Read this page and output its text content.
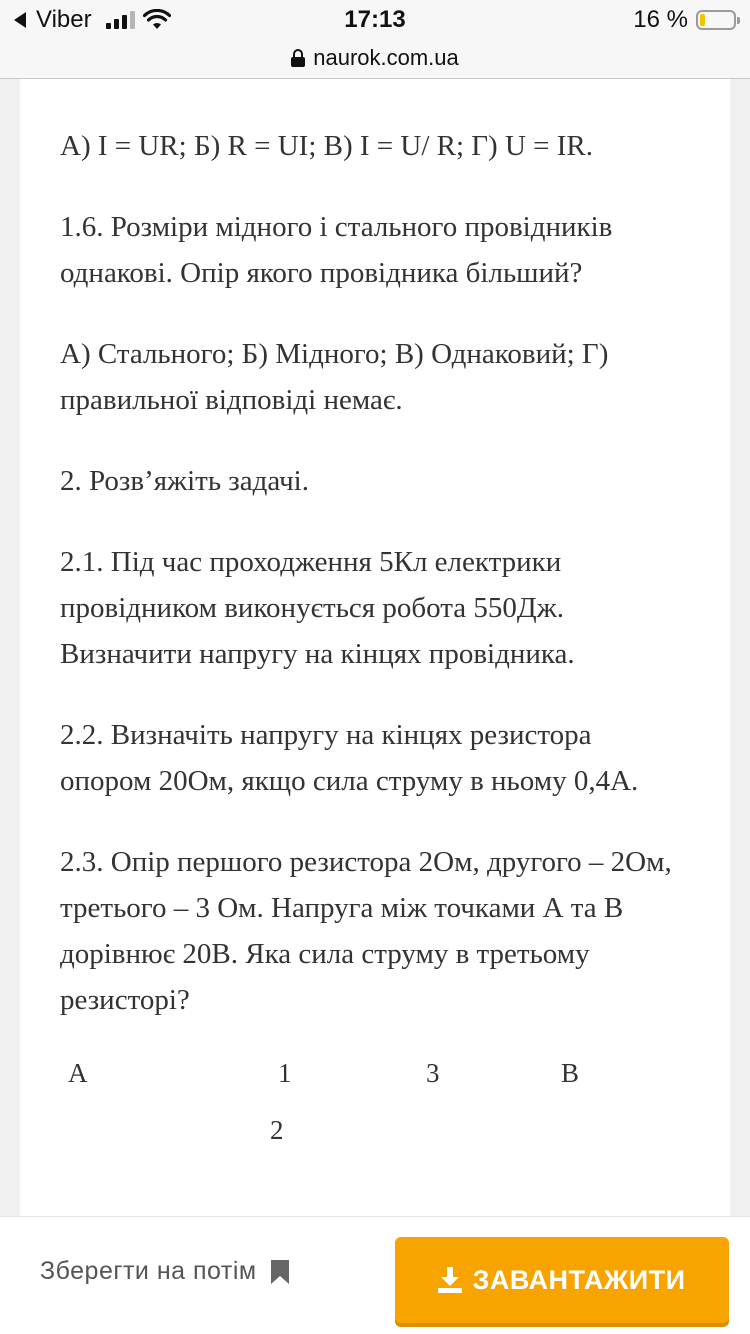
Viber	17:13	16 %
naurok.com.ua

А) І = UR; Б) R = UI; В) І = U/ R; Г) U = IR.

1.6. Розміри мідного і стального провідників однакові. Опір якого провідника більший?

А) Стального; Б) Мідного; В) Однаковий; Г) правильної відповіді немає.

2. Розв’яжіть задачі.

2.1. Під час проходження 5Кл електрики провідником виконується робота 550Дж. Визначити напругу на кінцях провідника.

2.2. Визначіть напругу на кінцях резистора опором 20Ом, якщо сила струму в ньому 0,4А.

2.3. Опір першого резистора 2Ом, другого – 2Ом, третього – 3 Ом. Напруга між точками А та В дорівнює 20В. Яка сила струму в третьому резисторі?

А	1	3	В
2
Зберегти на потім	ЗАВАНТАЖИТИ
